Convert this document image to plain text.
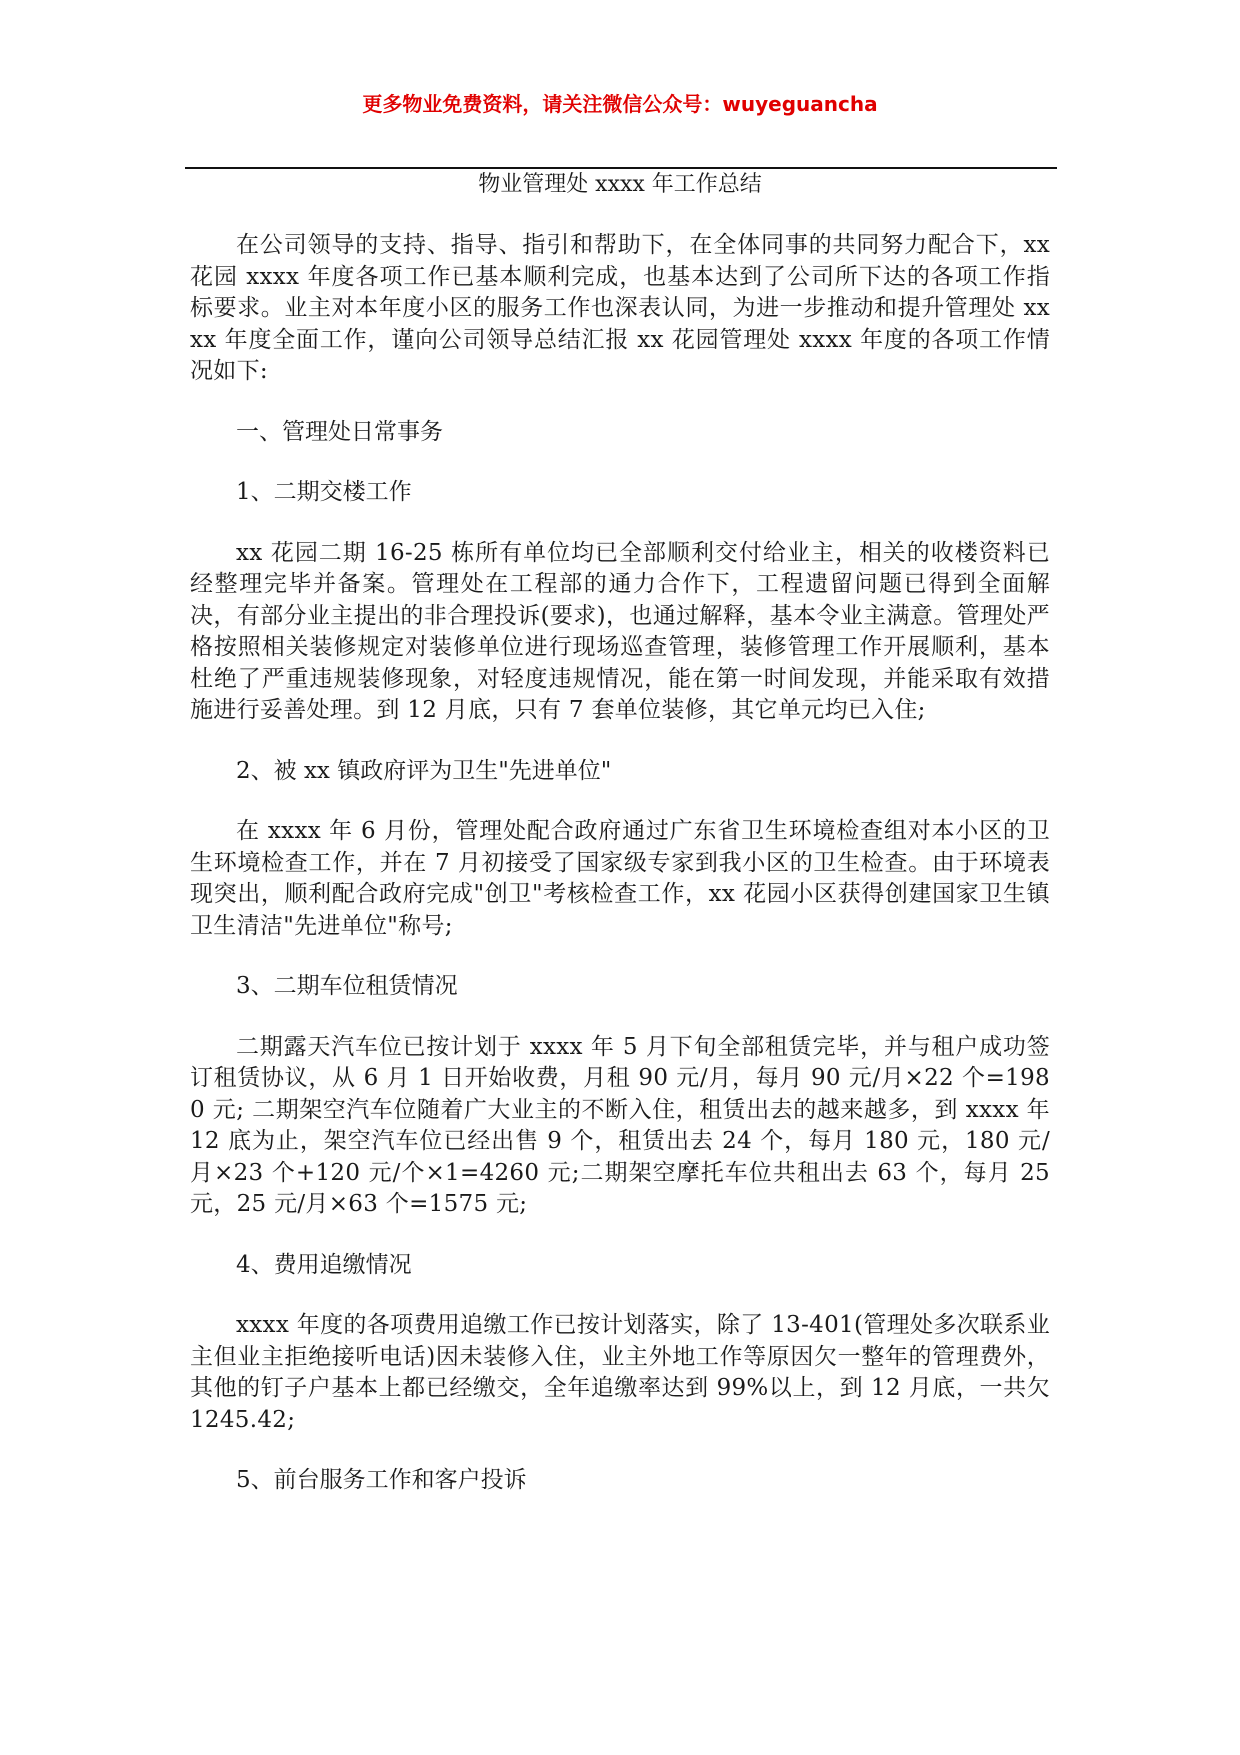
更多物业免费资料，请关注微信公众号：wuyeguancha
物业管理处 xxxx 年工作总结

在公司领导的支持、指导、指引和帮助下，在全体同事的共同努力配合下，xx 花园 xxxx 年度各项工作已基本顺利完成，也基本达到了公司所下达的各项工作指标要求。业主对本年度小区的服务工作也深表认同，为进一步推动和提升管理处 xxxx 年度全面工作，谨向公司领导总结汇报 xx 花园管理处 xxxx 年度的各项工作情况如下:

一、管理处日常事务

1、二期交楼工作

xx 花园二期 16-25 栋所有单位均已全部顺利交付给业主，相关的收楼资料已经整理完毕并备案。管理处在工程部的通力合作下，工程遗留问题已得到全面解决，有部分业主提出的非合理投诉(要求)，也通过解释，基本令业主满意。管理处严格按照相关装修规定对装修单位进行现场巡查管理，装修管理工作开展顺利，基本杜绝了严重违规装修现象，对轻度违规情况，能在第一时间发现，并能采取有效措施进行妥善处理。到 12 月底，只有 7 套单位装修，其它单元均已入住;

2、被 xx 镇政府评为卫生"先进单位"

在 xxxx 年 6 月份，管理处配合政府通过广东省卫生环境检查组对本小区的卫生环境检查工作，并在 7 月初接受了国家级专家到我小区的卫生检查。由于环境表现突出，顺利配合政府完成"创卫"考核检查工作，xx 花园小区获得创建国家卫生镇卫生清洁"先进单位"称号;

3、二期车位租赁情况

二期露天汽车位已按计划于 xxxx 年 5 月下旬全部租赁完毕，并与租户成功签订租赁协议，从 6 月 1 日开始收费，月租 90 元/月，每月 90 元/月×22 个=1980 元; 二期架空汽车位随着广大业主的不断入住，租赁出去的越来越多，到 xxxx 年 12 底为止，架空汽车位已经出售 9 个，租赁出去 24 个，每月 180 元，180 元/月×23 个+120 元/个×1=4260 元;二期架空摩托车位共租出去 63 个，每月 25 元，25 元/月×63 个=1575 元;

4、费用追缴情况

xxxx 年度的各项费用追缴工作已按计划落实，除了 13-401(管理处多次联系业主但业主拒绝接听电话)因未装修入住，业主外地工作等原因欠一整年的管理费外，其他的钉子户基本上都已经缴交，全年追缴率达到 99%以上，到 12 月底，一共欠 1245.42;

5、前台服务工作和客户投诉
